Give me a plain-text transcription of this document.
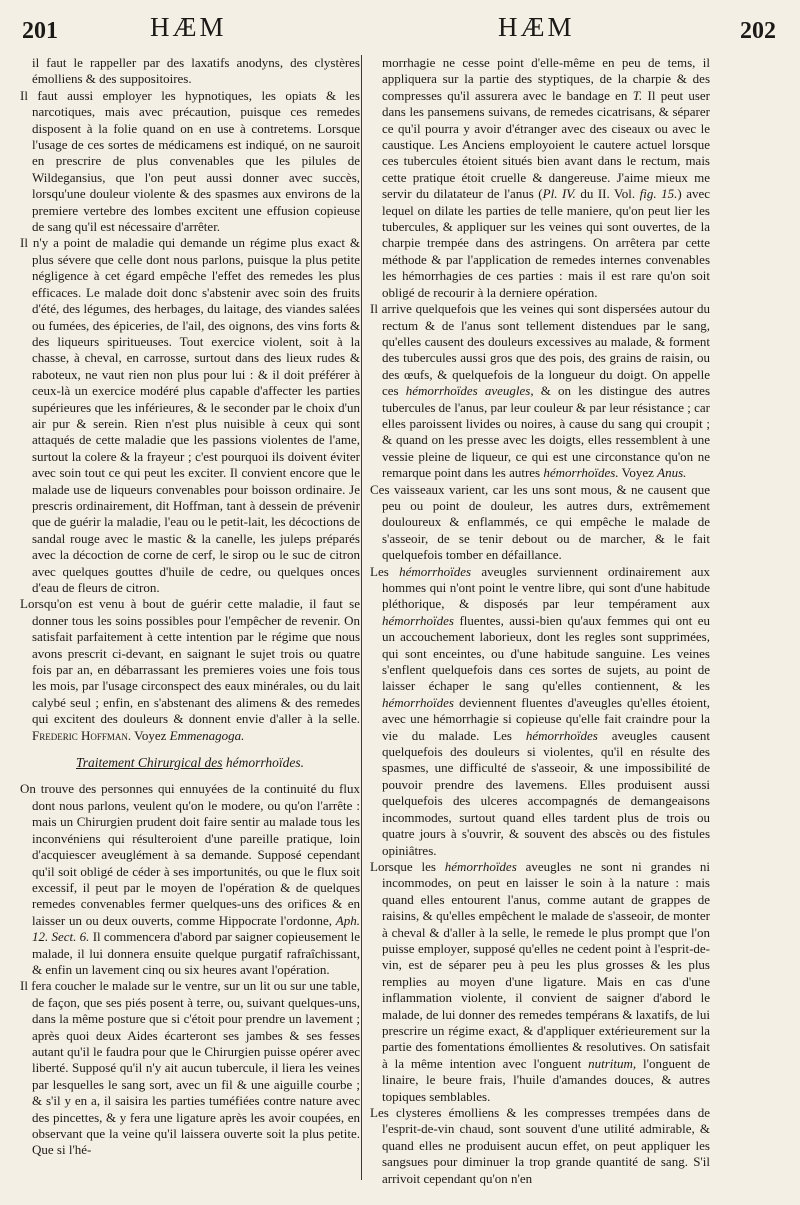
201	HÆM	HÆM	202

il faut le rappeller par des laxatifs anodyns, des clystères émolliens & des suppositoires.

Il faut aussi employer les hypnotiques, les opiats & les narcotiques, mais avec précaution, puisque ces remedes disposent à la folie quand on en use à contretems. Lorsque l'usage de ces sortes de médicamens est indiqué, on ne sauroit en prescrire de plus convenables que les pilules de Wildegansius, que l'on peut aussi donner avec succès, lorsqu'une douleur violente & des spasmes aux environs de la premiere vertebre des lombes excitent une effusion copieuse de sang qu'il est nécessaire d'arrêter.

Il n'y a point de maladie qui demande un régime plus exact & plus sévere que celle dont nous parlons, puisque la plus petite négligence à cet égard empêche l'effet des remedes les plus efficaces. Le malade doit donc s'abstenir avec soin des fruits d'été, des légumes, des herbages, du laitage, des viandes salées ou fumées, des épiceries, de l'ail, des oignons, des vins forts & des liqueurs spiritueuses. Tout exercice violent, soit à la chasse, à cheval, en carrosse, surtout dans des lieux rudes & raboteux, ne vaut rien non plus pour lui : & il doit préférer à ceux-là un exercice modéré plus capable d'affecter les parties supérieures que les inférieures, & le seconder par le choix d'un air pur & serein. Rien n'est plus nuisible à ceux qui sont attaqués de cette maladie que les passions violentes de l'ame, surtout la colere & la frayeur ; c'est pourquoi ils doivent éviter avec soin tout ce qui peut les exciter. Il convient encore que le malade use de liqueurs convenables pour boisson ordinaire. Je prescris ordinairement, dit Hoffman, tant à dessein de prévenir que de guérir la maladie, l'eau ou le petit-lait, les décoctions de sandal rouge avec le mastic & la canelle, les juleps préparés avec la décoction de corne de cerf, le sirop ou le suc de citron avec quelques gouttes d'huile de cedre, ou quelques onces d'eau de fleurs de citron.

Lorsqu'on est venu à bout de guérir cette maladie, il faut se donner tous les soins possibles pour l'empêcher de revenir. On satisfait parfaitement à cette intention par le régime que nous avons prescrit ci-devant, en saignant le sujet trois ou quatre fois par an, en débarrassant les premieres voies une fois tous les mois, par l'usage circonspect des eaux minérales, ou du lait calybé seul ; enfin, en s'abstenant des alimens & des remedes qui excitent des douleurs & donnent envie d'aller à la selle. Frederic Hoffman. Voyez Emmenagoga.

Traitement Chirurgical des hémorrhoïdes.

On trouve des personnes qui ennuyées de la continuité du flux dont nous parlons, veulent qu'on le modere, ou qu'on l'arrête : mais un Chirurgien prudent doit faire sentir au malade tous les inconvéniens qui résulteroient d'une pareille pratique, loin d'acquiescer aveuglément à sa demande. Supposé cependant qu'il soit obligé de céder à ses importunités, ou que le flux soit excessif, il peut par le moyen de l'opération & de quelques remedes convenables fermer quelques-uns des orifices & en laisser un ou deux ouverts, comme Hippocrate l'ordonne, Aph. 12. Sect. 6. Il commencera d'abord par saigner copieusement le malade, il lui donnera ensuite quelque purgatif rafraîchissant, & enfin un lavement cinq ou six heures avant l'opération.

Il fera coucher le malade sur le ventre, sur un lit ou sur une table, de façon, que ses piés posent à terre, ou, suivant quelques-uns, dans la même posture que si c'étoit pour prendre un lavement ; après quoi deux Aides écarteront ses jambes & ses fesses autant qu'il le faudra pour que le Chirurgien puisse opérer avec liberté. Supposé qu'il n'y ait aucun tubercule, il liera les veines par lesquelles le sang sort, avec un fil & une aiguille courbe ; & s'il y en a, il saisira les parties tuméfiées contre nature avec des pincettes, & y fera une ligature après les avoir coupées, en observant que la veine qu'il laissera ouverte soit la plus petite. Que si l'hé-

morrhagie ne cesse point d'elle-même en peu de tems, il appliquera sur la partie des styptiques, de la charpie & des compresses qu'il assurera avec le bandage en T. Il peut user dans les pansemens suivans, de remedes cicatrisans, & séparer ce qu'il pourra y avoir d'étranger avec des ciseaux ou avec le caustique. Les Anciens employoient le cautere actuel lorsque ces tubercules étoient situés bien avant dans le rectum, mais cette pratique étoit cruelle & dangereuse. J'aime mieux me servir du dilatateur de l'anus (Pl. IV. du II. Vol. fig. 15.) avec lequel on dilate les parties de telle maniere, qu'on peut lier les tubercules, & appliquer sur les veines qui sont ouvertes, de la charpie trempée dans des astringens. On arrêtera par cette méthode & par l'application de remedes internes convenables les hémorrhagies de ces parties : mais il est rare qu'on soit obligé de recourir à la derniere opération.

Il arrive quelquefois que les veines qui sont dispersées autour du rectum & de l'anus sont tellement distendues par le sang, qu'elles causent des douleurs excessives au malade, & forment des tubercules aussi gros que des pois, des grains de raisin, ou des œufs, & quelquefois de la longueur du doigt. On appelle ces hémorrhoïdes aveugles, & on les distingue des autres tubercules de l'anus, par leur couleur & par leur résistance ; car elles paroissent livides ou noires, à cause du sang qui croupit ; & quand on les presse avec les doigts, elles ressemblent à une vessie pleine de liqueur, ce qui est une circonstance qu'on ne remarque point dans les autres hémorrhoïdes. Voyez Anus.

Ces vaisseaux varient, car les uns sont mous, & ne causent que peu ou point de douleur, les autres durs, extrêmement douloureux & enflammés, ce qui empêche le malade de s'asseoir, de se tenir debout ou de marcher, & le fait quelquefois tomber en défaillance.

Les hémorrhoïdes aveugles surviennent ordinairement aux hommes qui n'ont point le ventre libre, qui sont d'une habitude pléthorique, & disposés par leur tempérament aux hémorrhoïdes fluentes, aussi-bien qu'aux femmes qui ont eu un accouchement laborieux, dont les regles sont supprimées, qui sont enceintes, ou d'une habitude sanguine. Les veines s'enflent quelquefois dans ces sortes de sujets, au point de laisser échaper le sang qu'elles contiennent, & les hémorrhoïdes deviennent fluentes d'aveugles qu'elles étoient, avec une hémorrhagie si copieuse qu'elle fait craindre pour la vie du malade. Les hémorrhoïdes aveugles causent quelquefois des douleurs si violentes, qu'il en résulte des spasmes, une difficulté de s'asseoir, & une impossibilité de pouvoir prendre des lavemens. Elles produisent aussi quelquefois des ulceres accompagnés de demangeaisons incommodes, surtout quand elles tardent plus de trois ou quatre jours à s'ouvrir, & souvent des abscès ou des fistules opiniâtres.

Lorsque les hémorrhoïdes aveugles ne sont ni grandes ni incommodes, on peut en laisser le soin à la nature : mais quand elles entourent l'anus, comme autant de grappes de raisins, & qu'elles empêchent le malade de s'asseoir, de monter à cheval & d'aller à la selle, le remede le plus prompt que l'on puisse employer, supposé qu'elles ne cedent point à l'esprit-de-vin, est de séparer peu à peu les plus grosses & les plus remplies au moyen d'une ligature. Mais en cas d'une inflammation violente, il convient de saigner d'abord le malade, de lui donner des remedes tempérans & laxatifs, de lui prescrire un régime exact, & d'appliquer extérieurement sur la partie des fomentations émollientes & resolutives. On satisfait à la même intention avec l'onguent nutritum, l'onguent de linaire, le beure frais, l'huile d'amandes douces, & autres topiques semblables.

Les clysteres émolliens & les compresses trempées dans de l'esprit-de-vin chaud, sont souvent d'une utilité admirable, & quand elles ne produisent aucun effet, on peut appliquer les sangsues pour diminuer la trop grande quantité de sang. S'il arrivoit cependant qu'on n'en
